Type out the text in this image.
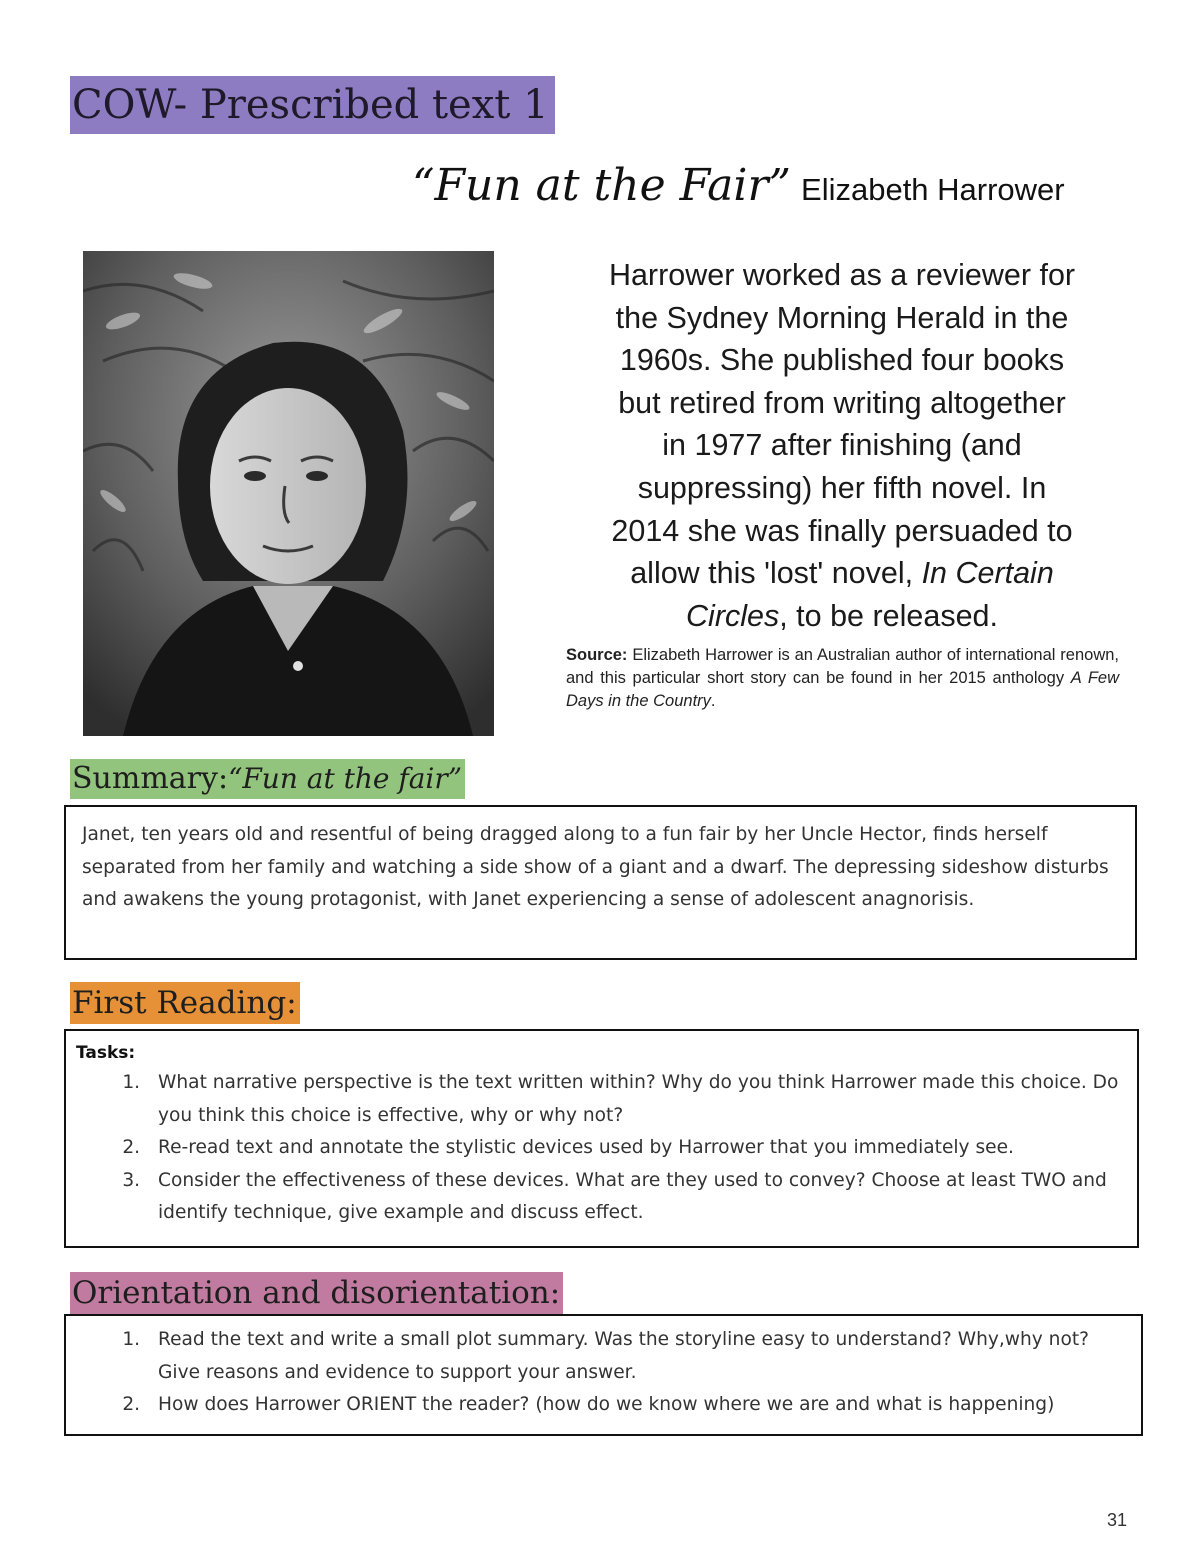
COW- Prescribed text 1
“Fun at the Fair” Elizabeth Harrower
Harrower worked as a reviewer for
the Sydney Morning Herald in the
1960s. She published four books
but retired from writing altogether
in 1977 after finishing (and
suppressing) her fifth novel. In
2014 she was finally persuaded to
allow this 'lost' novel, In Certain
Circles, to be released.
Source: Elizabeth Harrower is an Australian author of international renown, and this particular short story can be found in her 2015 anthology A Few Days in the Country.
Summary:“Fun at the fair”
Janet, ten years old and resentful of being dragged along to a fun fair by her Uncle Hector, finds herself separated from her family and watching a side show of a giant and a dwarf. The depressing sideshow disturbs and awakens the young protagonist, with Janet experiencing a sense of adolescent anagnorisis.
First Reading:
Tasks:
1. What narrative perspective is the text written within? Why do you think Harrower made this choice. Do you think this choice is effective, why or why not?
2. Re-read text and annotate the stylistic devices used by Harrower that you immediately see.
3. Consider the effectiveness of these devices. What are they used to convey? Choose at least TWO and identify technique, give example and discuss effect.
Orientation and disorientation:
1. Read the text and write a small plot summary. Was the storyline easy to understand? Why,why not? Give reasons and evidence to support your answer.
2. How does Harrower ORIENT the reader? (how do we know where we are and what is happening)
31
